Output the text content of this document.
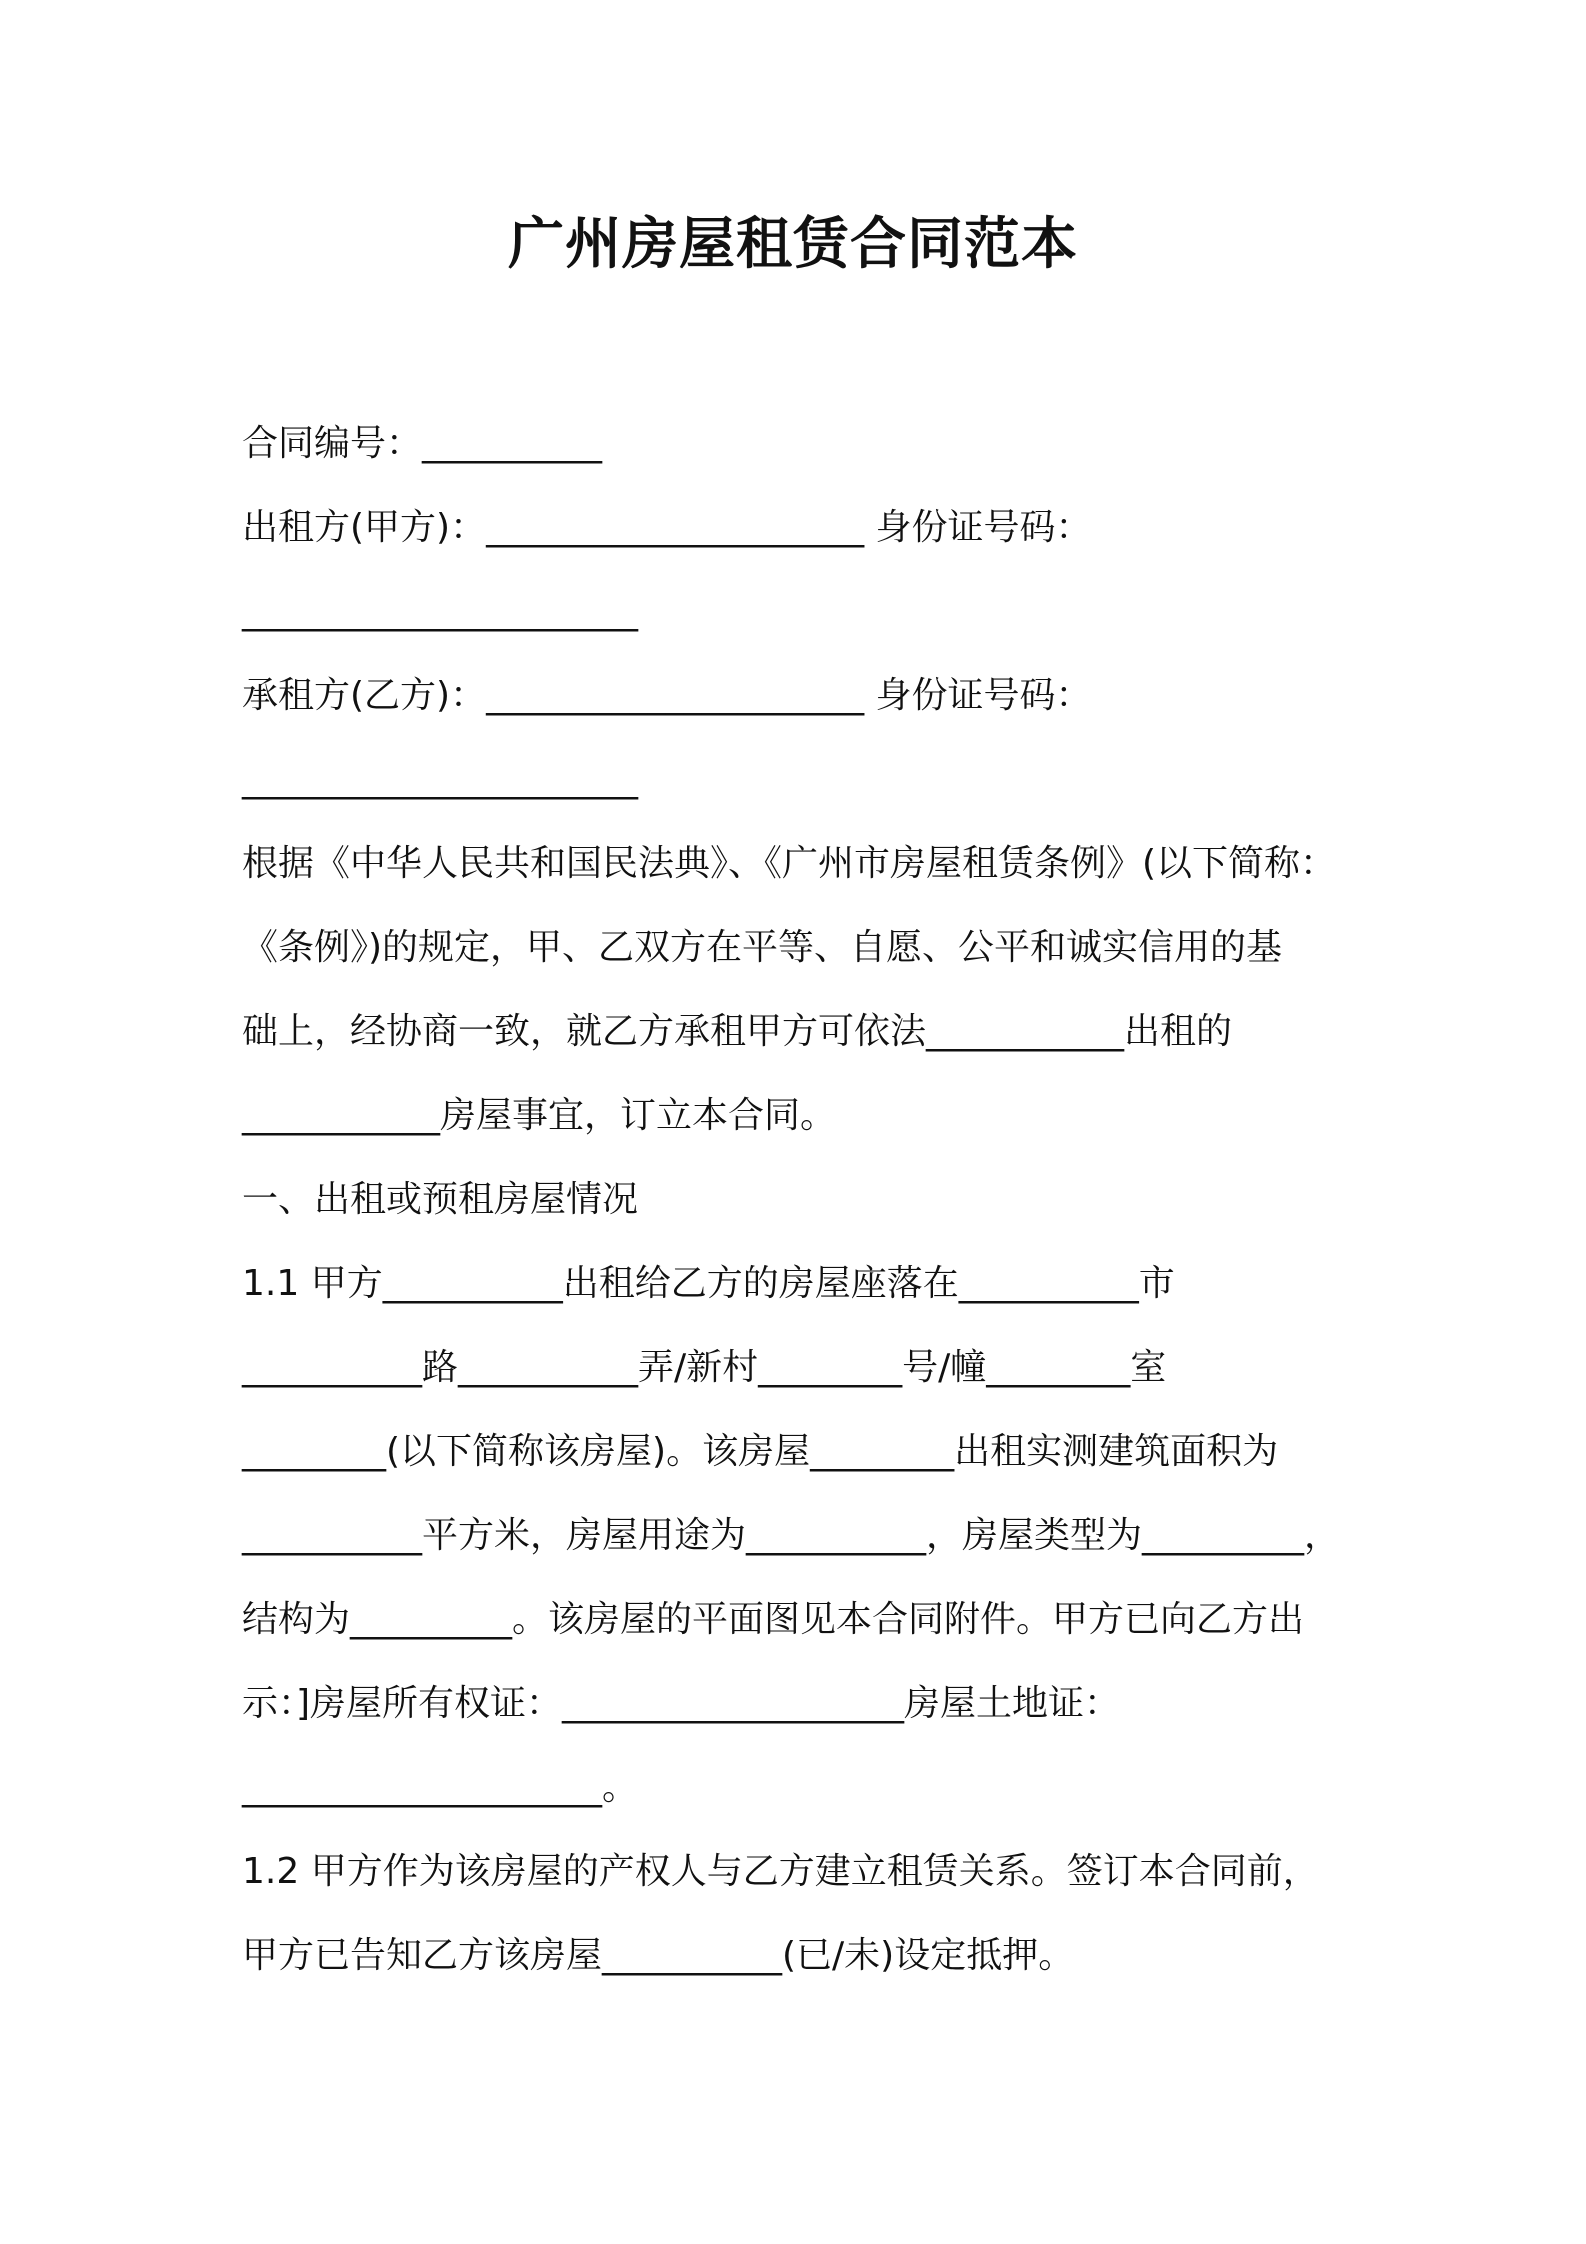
广州房屋租赁合同范本
合同编号：__________
出租方(甲方)：_____________________ 身份证号码：
______________________
承租方(乙方)：_____________________ 身份证号码：
______________________
根据《中华人民共和国民法典》、《广州市房屋租赁条例》(以下简称：
《条例》)的规定，甲、乙双方在平等、自愿、公平和诚实信用的基
础上，经协商一致，就乙方承租甲方可依法___________出租的
___________房屋事宜，订立本合同。
一、出租或预租房屋情况
1.1 甲方__________出租给乙方的房屋座落在__________市
__________路__________弄/新村________号/幢________室
________(以下简称该房屋)。该房屋________出租实测建筑面积为
__________平方米，房屋用途为__________，房屋类型为_________，
结构为_________。该房屋的平面图见本合同附件。甲方已向乙方出
示：]房屋所有权证：___________________房屋土地证：
____________________。
1.2 甲方作为该房屋的产权人与乙方建立租赁关系。签订本合同前，
甲方已告知乙方该房屋__________(已/未)设定抵押。
